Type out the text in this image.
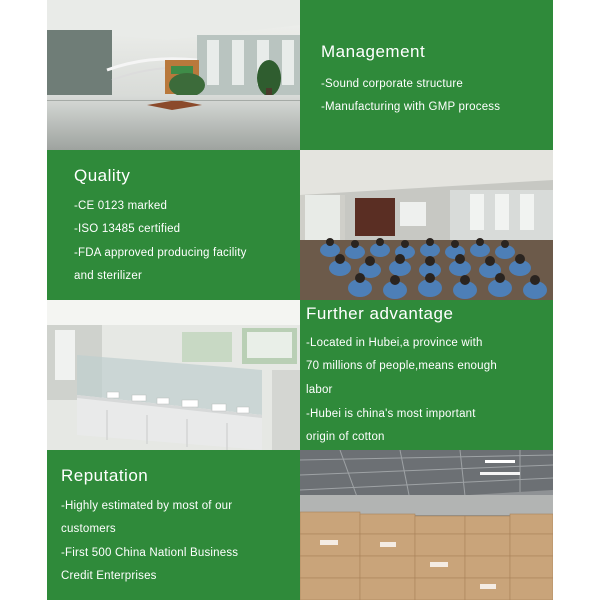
Management
-Sound corporate structure
-Manufacturing with GMP process
Quality
-CE 0123 marked
-ISO 13485 certified
-FDA approved producing facility
and sterilizer
Further advantage
-Located in Hubei,a province with
70 millions of people,means enough
labor
-Hubei is china's most important
origin of cotton
Reputation
-Highly estimated by most of our
customers
-First 500 China Nationl Business
Credit Enterprises
